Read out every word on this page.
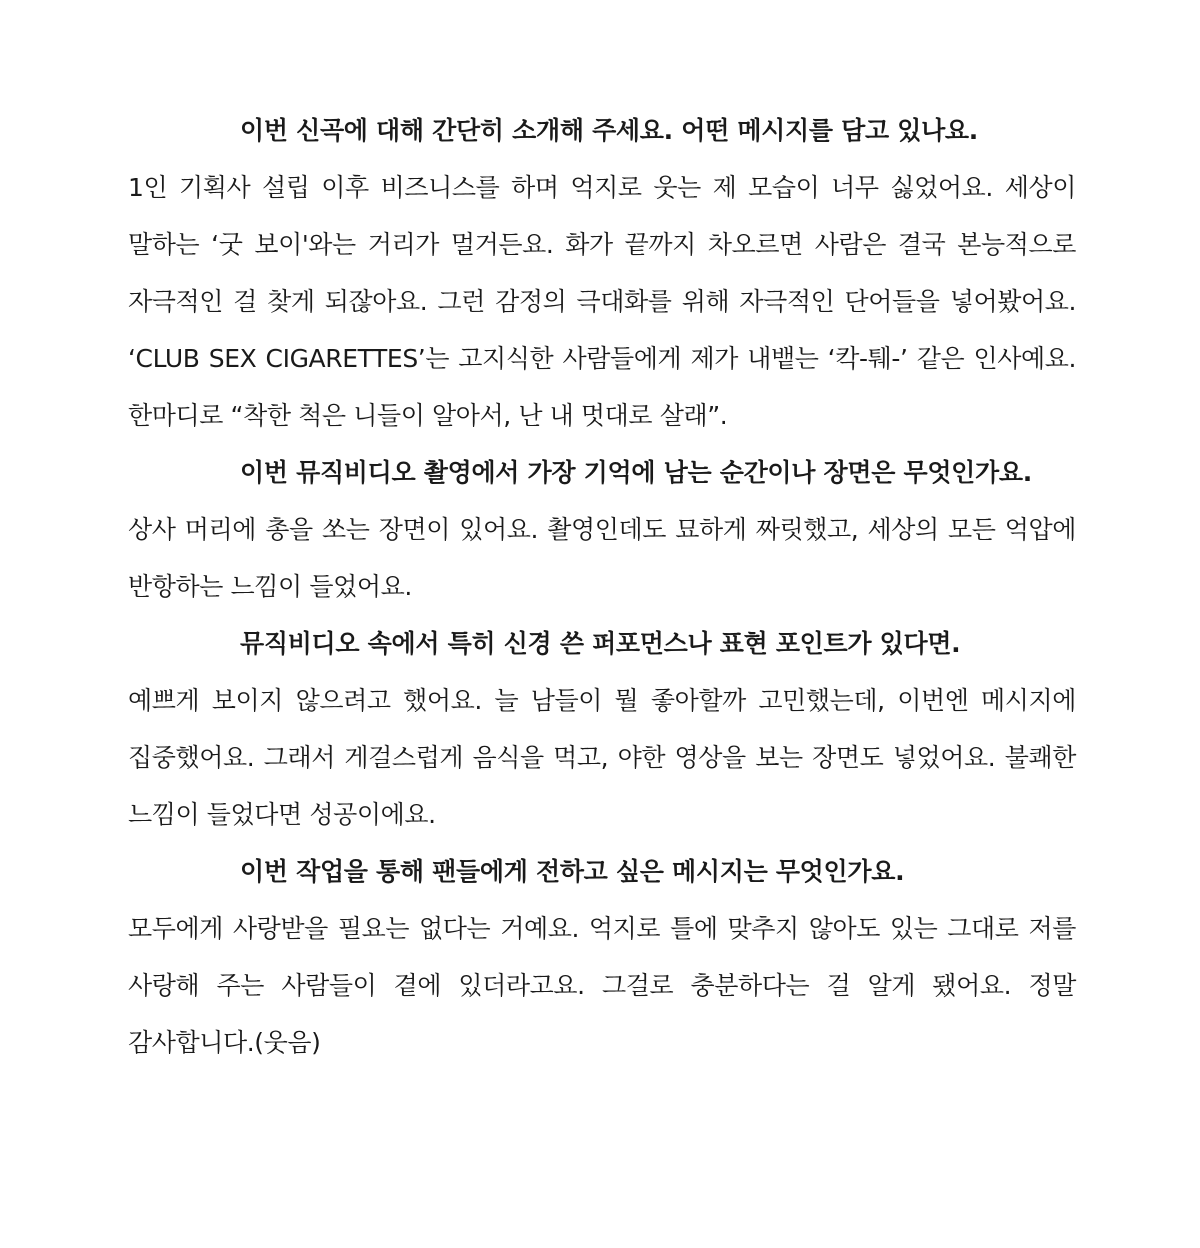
이번 신곡에 대해 간단히 소개해 주세요. 어떤 메시지를 담고 있나요.

1인 기획사 설립 이후 비즈니스를 하며 억지로 웃는 제 모습이 너무 싫었어요. 세상이 말하는 ‘굿 보이'와는 거리가 멀거든요. 화가 끝까지 차오르면 사람은 결국 본능적으로 자극적인 걸 찾게 되잖아요. 그런 감정의 극대화를 위해 자극적인 단어들을 넣어봤어요. ‘CLUB SEX CIGARETTES’는 고지식한 사람들에게 제가 내뱉는 ‘칵-퉤-’ 같은 인사예요. 한마디로 “착한 척은 니들이 알아서, 난 내 멋대로 살래”.

이번 뮤직비디오 촬영에서 가장 기억에 남는 순간이나 장면은 무엇인가요.

상사 머리에 총을 쏘는 장면이 있어요. 촬영인데도 묘하게 짜릿했고, 세상의 모든 억압에 반항하는 느낌이 들었어요.

뮤직비디오 속에서 특히 신경 쓴 퍼포먼스나 표현 포인트가 있다면.

예쁘게 보이지 않으려고 했어요. 늘 남들이 뭘 좋아할까 고민했는데, 이번엔 메시지에 집중했어요. 그래서 게걸스럽게 음식을 먹고, 야한 영상을 보는 장면도 넣었어요. 불쾌한 느낌이 들었다면 성공이에요.

이번 작업을 통해 팬들에게 전하고 싶은 메시지는 무엇인가요.

모두에게 사랑받을 필요는 없다는 거예요. 억지로 틀에 맞추지 않아도 있는 그대로 저를 사랑해 주는 사람들이 곁에 있더라고요. 그걸로 충분하다는 걸 알게 됐어요. 정말 감사합니다.(웃음)
